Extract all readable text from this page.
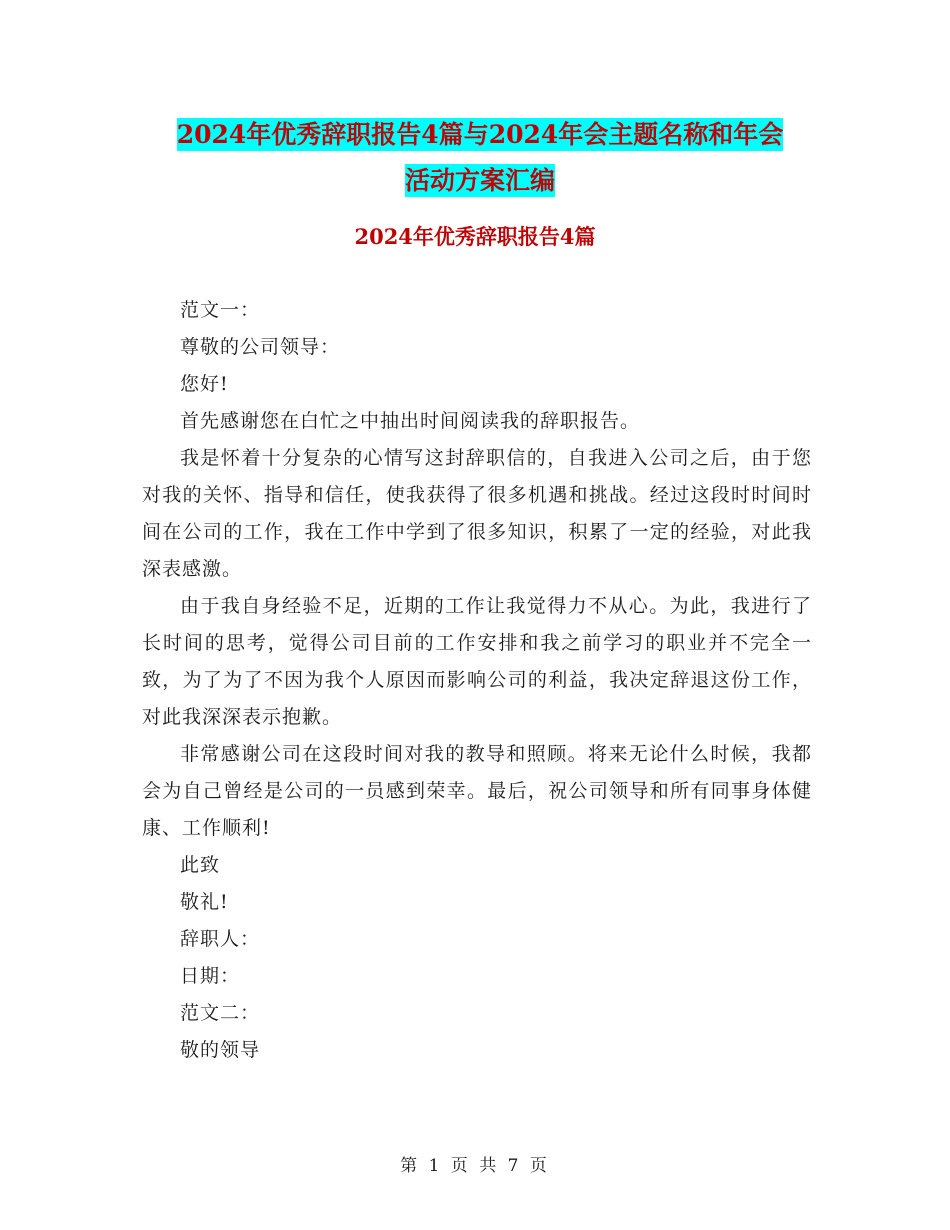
2024年优秀辞职报告4篇与2024年会主题名称和年会
活动方案汇编
2024年优秀辞职报告4篇

范文一：

尊敬的公司领导：

您好!

首先感谢您在白忙之中抽出时间阅读我的辞职报告。

我是怀着十分复杂的心情写这封辞职信的，自我进入公司之后，由于您对我的关怀、指导和信任，使我获得了很多机遇和挑战。经过这段时时间时间在公司的工作，我在工作中学到了很多知识，积累了一定的经验，对此我深表感激。

由于我自身经验不足，近期的工作让我觉得力不从心。为此，我进行了长时间的思考，觉得公司目前的工作安排和我之前学习的职业并不完全一致，为了为了不因为我个人原因而影响公司的利益，我决定辞退这份工作，对此我深深表示抱歉。

非常感谢公司在这段时间对我的教导和照顾。将来无论什么时候，我都会为自己曾经是公司的一员感到荣幸。最后，祝公司领导和所有同事身体健康、工作顺利!

此致

敬礼!

辞职人：

日期：

范文二：

敬的领导

第 1 页 共 7 页
